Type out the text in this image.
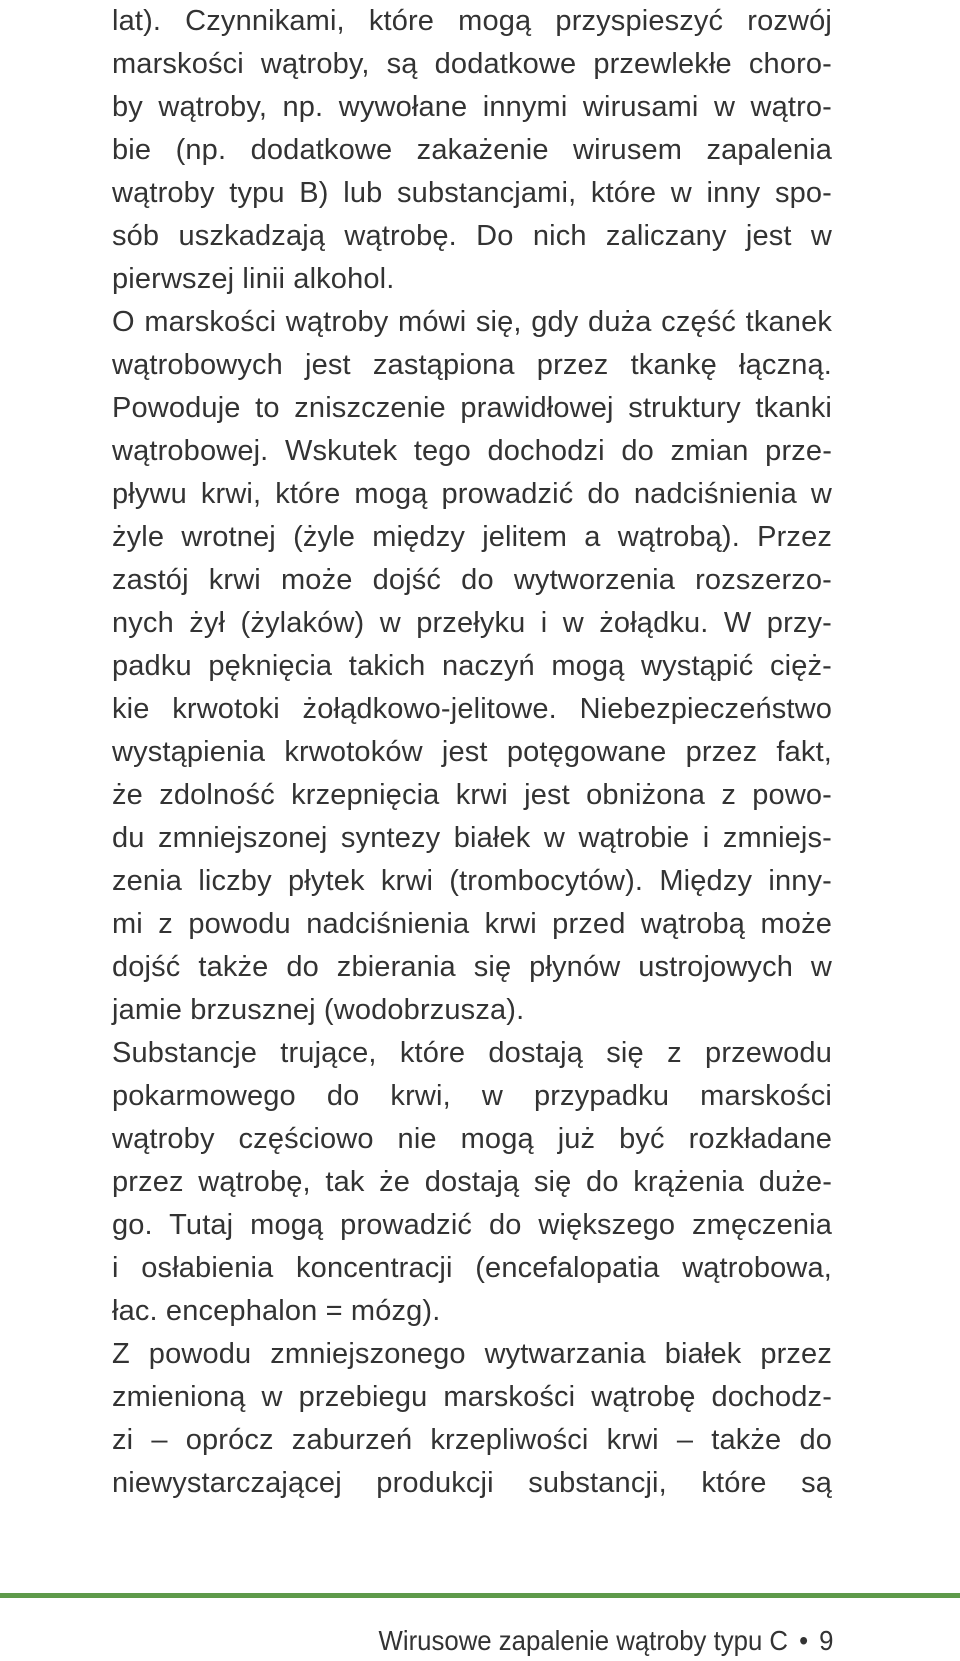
lat). Czynnikami, które mogą przyspieszyć rozwój
marskości wątroby, są dodatkowe przewlekłe choro-
by wątroby, np. wywołane innymi wirusami w wątro-
bie (np. dodatkowe zakażenie wirusem zapalenia
wątroby typu B) lub substancjami, które w inny spo-
sób uszkadzają wątrobę. Do nich zaliczany jest w
pierwszej linii alkohol.
O marskości wątroby mówi się, gdy duża część tkanek
wątrobowych jest zastąpiona przez tkankę łączną.
Powoduje to zniszczenie prawidłowej struktury tkanki
wątrobowej. Wskutek tego dochodzi do zmian prze-
pływu krwi, które mogą prowadzić do nadciśnienia w
żyle wrotnej (żyle między jelitem a wątrobą). Przez
zastój krwi może dojść do wytworzenia rozszerzo-
nych żył (żylaków) w przełyku i w żołądku. W przy-
padku pęknięcia takich naczyń mogą wystąpić cięż-
kie krwotoki żołądkowo-jelitowe. Niebezpieczeństwo
wystąpienia krwotoków jest potęgowane przez fakt,
że zdolność krzepnięcia krwi jest obniżona z powo-
du zmniejszonej syntezy białek w wątrobie i zmniejs-
zenia liczby płytek krwi (trombocytów). Między inny-
mi z powodu nadciśnienia krwi przed wątrobą może
dojść także do zbierania się płynów ustrojowych w
jamie brzusznej (wodobrzusza).
Substancje trujące, które dostają się z przewodu
pokarmowego do krwi, w przypadku marskości
wątroby częściowo nie mogą już być rozkładane
przez wątrobę, tak że dostają się do krążenia duże-
go. Tutaj mogą prowadzić do większego zmęczenia
i osłabienia koncentracji (encefalopatia wątrobowa,
łac. encephalon = mózg).
Z powodu zmniejszonego wytwarzania białek przez
zmienioną w przebiegu marskości wątrobę dochodz-
zi – oprócz zaburzeń krzepliwości krwi – także do
niewystarczającej produkcji substancji, które są
Wirusowe zapalenie wątroby typu C • 9
